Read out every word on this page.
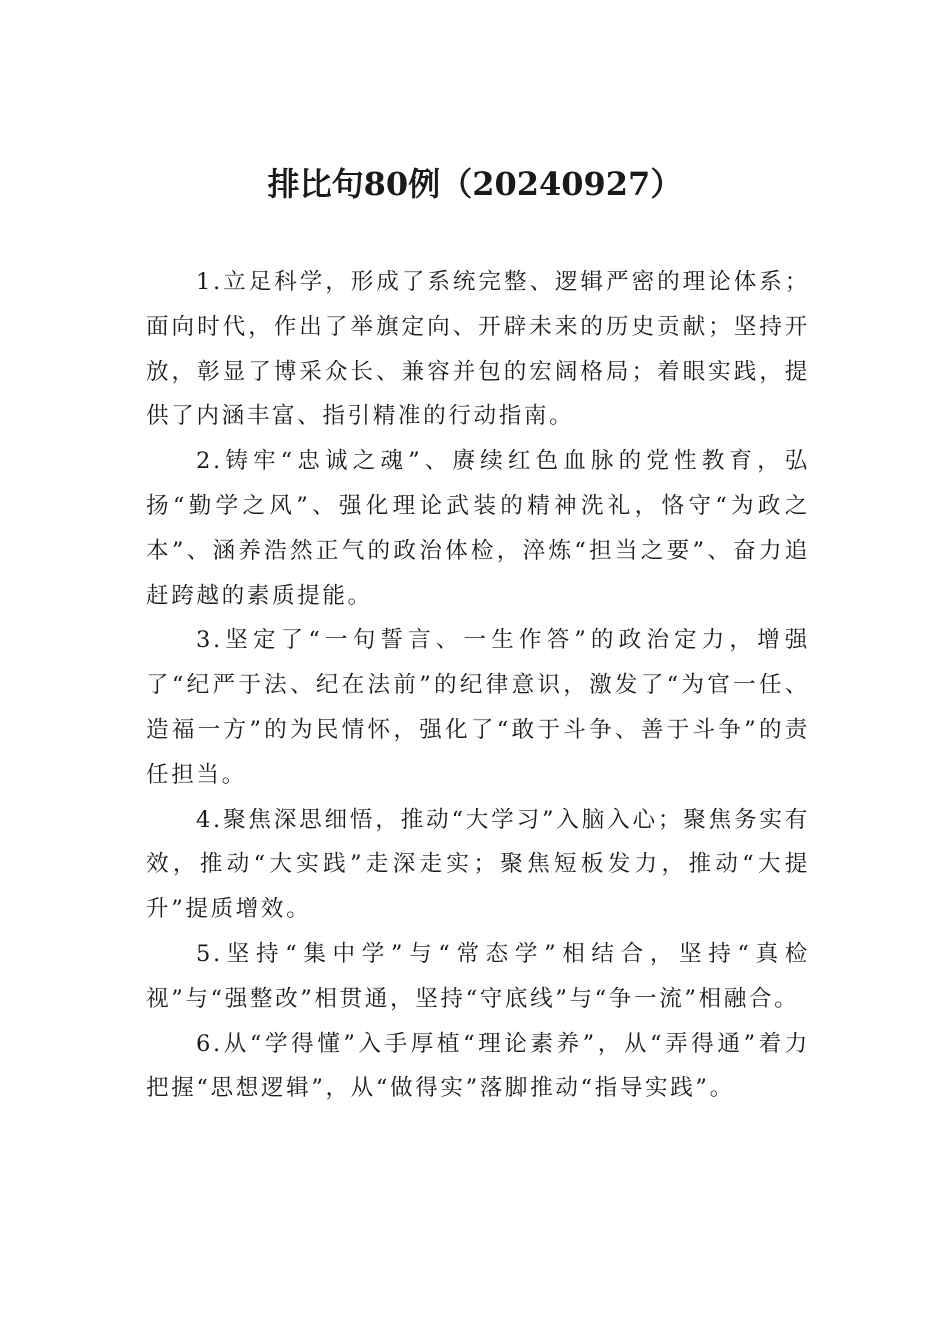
排比句80例（20240927）

1.立足科学，形成了系统完整、逻辑严密的理论体系；面向时代，作出了举旗定向、开辟未来的历史贡献；坚持开放，彰显了博采众长、兼容并包的宏阔格局；着眼实践，提供了内涵丰富、指引精准的行动指南。

2.铸牢“忠诚之魂”、赓续红色血脉的党性教育，弘扬“勤学之风”、强化理论武装的精神洗礼，恪守“为政之本”、涵养浩然正气的政治体检，淬炼“担当之要”、奋力追赶跨越的素质提能。

3.坚定了“一句誓言、一生作答”的政治定力，增强了“纪严于法、纪在法前”的纪律意识，激发了“为官一任、造福一方”的为民情怀，强化了“敢于斗争、善于斗争”的责任担当。

4.聚焦深思细悟，推动“大学习”入脑入心；聚焦务实有效，推动“大实践”走深走实；聚焦短板发力，推动“大提升”提质增效。

5.坚持“集中学”与“常态学”相结合，坚持“真检视”与“强整改”相贯通，坚持“守底线”与“争一流”相融合。

6.从“学得懂”入手厚植“理论素养”，从“弄得通”着力把握“思想逻辑”，从“做得实”落脚推动“指导实践”。
